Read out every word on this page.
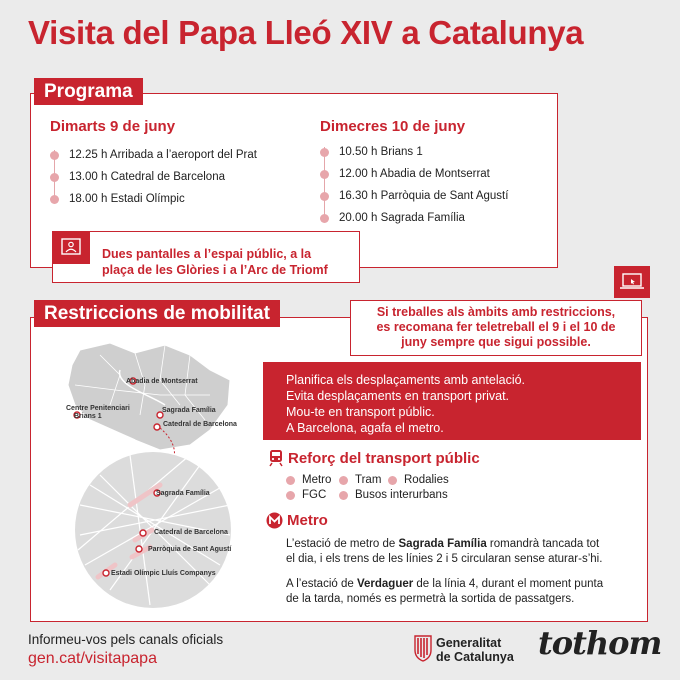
Visita del Papa Lleó XIV a Catalunya
Programa
Dimarts 9 de juny
12.25 h Arribada a l’aeroport del Prat
13.00 h Catedral de Barcelona
18.00 h Estadi Olímpic
Dimecres 10 de juny
10.50 h Brians 1
12.00 h Abadia de Montserrat
16.30 h Parròquia de Sant Agustí
20.00 h Sagrada Família
Dues pantalles a l’espai públic, a la
plaça de les Glòries i a l’Arc de Triomf
Restriccions de mobilitat	Si treballes als àmbits amb restriccions,
es recomana fer teletreball el 9 i el 10 de
juny sempre que sigui possible.
Planifica els desplaçaments amb antelació.
Evita desplaçaments en transport privat.
Mou-te en transport públic.
A Barcelona, agafa el metro.
Abadia de Montserrat
Centre Penitenciari
Brians 1
Sagrada Família
Catedral de Barcelona
Sagrada Família
Catedral de Barcelona
Parròquia de Sant Agustí
Estadi Olímpic Lluís Companys
Reforç del transport públic
Metro Tram Rodalies
FGC Busos interurbans
Metro
L’estació de metro de Sagrada Família romandrà tancada tot
el dia, i els trens de les línies 2 i 5 circularan sense aturar-s’hi.
A l’estació de Verdaguer de la línia 4, durant el moment punta
de la tarda, només es permetrà la sortida de passatgers.
Informeu-vos pels canals oficials
gen.cat/visitapapa
Generalitat
de Catalunya tothom
